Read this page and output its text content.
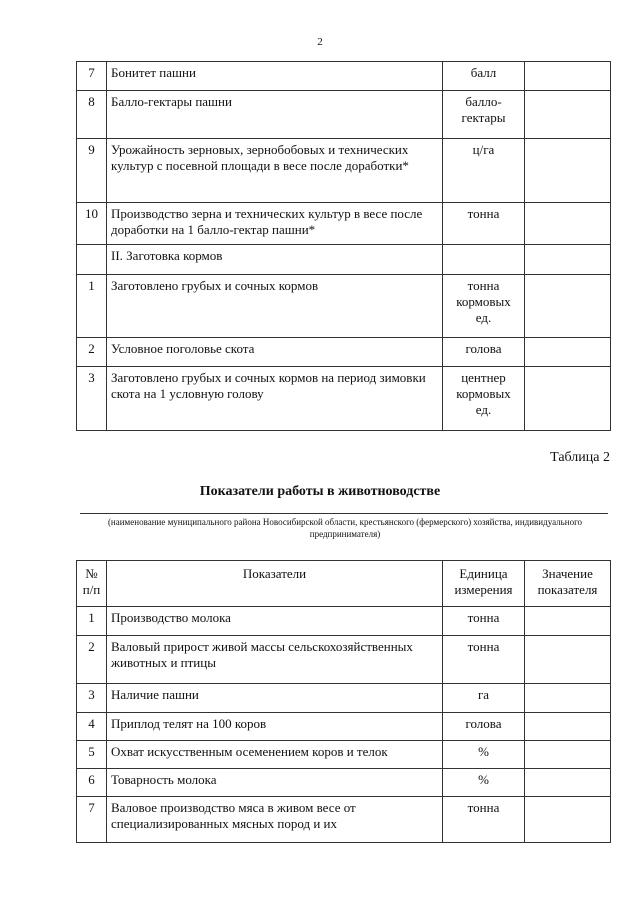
2
7	Бонитет пашни	балл	
8	Балло-гектары пашни	балло-гектары	
9	Урожайность зерновых, зернобобовых и технических культур с посевной площади в весе после доработки*	ц/га	
10	Производство зерна и технических культур в весе после доработки на 1 балло-гектар пашни*	тонна	
	II. Заготовка кормов		
1	Заготовлено грубых и сочных кормов	тонна кормовых ед.	
2	Условное поголовье скота	голова	
3	Заготовлено грубых и сочных кормов на период зимовки скота на 1 условную голову	центнер кормовых ед.	
Таблица 2
Показатели работы в животноводстве
(наименование муниципального района Новосибирской области, крестьянского (фермерского) хозяйства, индивидуального предпринимателя)
№ п/п	Показатели	Единица измерения	Значение показателя
1	Производство молока	тонна	
2	Валовый прирост живой массы сельскохозяйственных животных и птицы	тонна	
3	Наличие пашни	га	
4	Приплод телят на 100 коров	голова	
5	Охват искусственным осеменением коров и телок	%	
6	Товарность молока	%	
7	Валовое производство мяса в живом весе от специализированных мясных пород и их	тонна	
